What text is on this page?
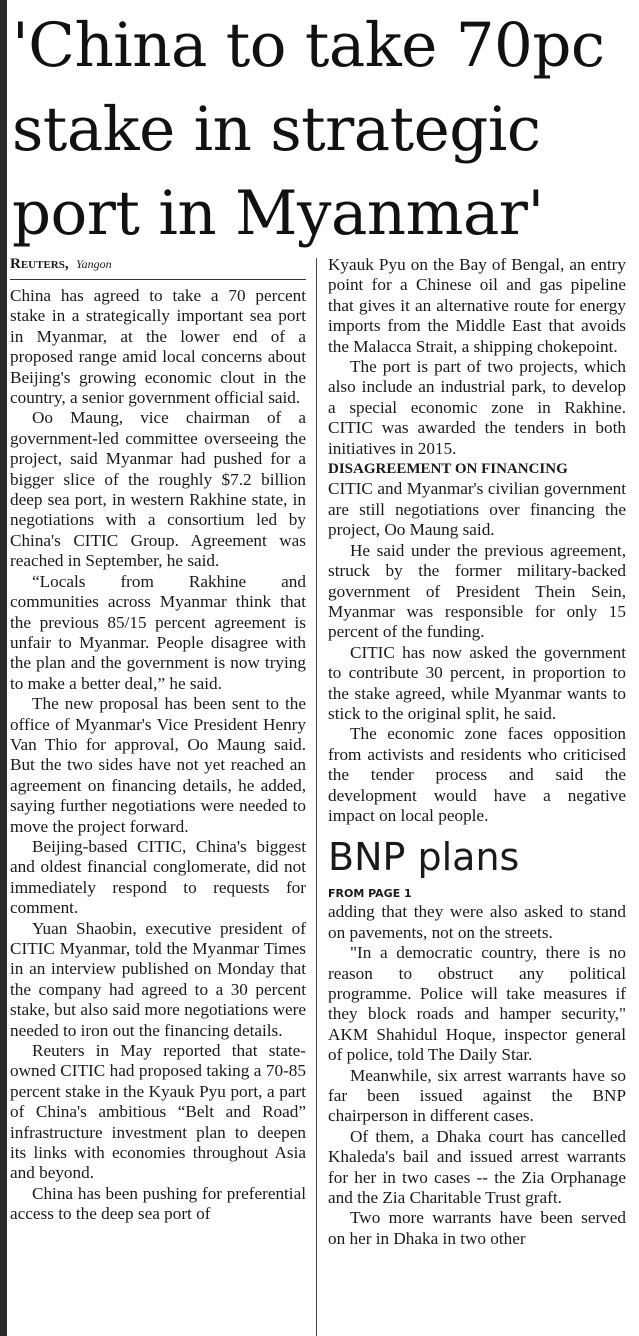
'China to take 70pc stake in strategic port in Myanmar'
Reuters, Yangon

China has agreed to take a 70 percent stake in a strategically important sea port in Myanmar, at the lower end of a proposed range amid local concerns about Beijing's growing economic clout in the country, a senior government official said.

Oo Maung, vice chairman of a government-led committee overseeing the project, said Myanmar had pushed for a bigger slice of the roughly $7.2 billion deep sea port, in western Rakhine state, in negotiations with a consortium led by China's CITIC Group. Agreement was reached in September, he said.

“Locals from Rakhine and communities across Myanmar think that the previous 85/15 percent agreement is unfair to Myanmar. People disagree with the plan and the government is now trying to make a better deal,” he said.

The new proposal has been sent to the office of Myanmar's Vice President Henry Van Thio for approval, Oo Maung said. But the two sides have not yet reached an agreement on financing details, he added, saying further negotiations were needed to move the project forward.

Beijing-based CITIC, China's biggest and oldest financial conglomerate, did not immediately respond to requests for comment.

Yuan Shaobin, executive president of CITIC Myanmar, told the Myanmar Times in an interview published on Monday that the company had agreed to a 30 percent stake, but also said more negotiations were needed to iron out the financing details.

Reuters in May reported that state-owned CITIC had proposed taking a 70-85 percent stake in the Kyauk Pyu port, a part of China's ambitious “Belt and Road” infrastructure investment plan to deepen its links with economies throughout Asia and beyond.

China has been pushing for preferential access to the deep sea port of

Kyauk Pyu on the Bay of Bengal, an entry point for a Chinese oil and gas pipeline that gives it an alternative route for energy imports from the Middle East that avoids the Malacca Strait, a shipping chokepoint.

The port is part of two projects, which also include an industrial park, to develop a special economic zone in Rakhine. CITIC was awarded the tenders in both initiatives in 2015.

DISAGREEMENT ON FINANCING

CITIC and Myanmar's civilian government are still negotiations over financing the project, Oo Maung said.

He said under the previous agreement, struck by the former military-backed government of President Thein Sein, Myanmar was responsible for only 15 percent of the funding.

CITIC has now asked the government to contribute 30 percent, in proportion to the stake agreed, while Myanmar wants to stick to the original split, he said.

The economic zone faces opposition from activists and residents who criticised the tender process and said the development would have a negative impact on local people.

BNP plans
FROM PAGE 1

adding that they were also asked to stand on pavements, not on the streets.

"In a democratic country, there is no reason to obstruct any political programme. Police will take measures if they block roads and hamper security," AKM Shahidul Hoque, inspector general of police, told The Daily Star.

Meanwhile, six arrest warrants have so far been issued against the BNP chairperson in different cases.

Of them, a Dhaka court has cancelled Khaleda's bail and issued arrest warrants for her in two cases -- the Zia Orphanage and the Zia Charitable Trust graft.

Two more warrants have been served on her in Dhaka in two other
